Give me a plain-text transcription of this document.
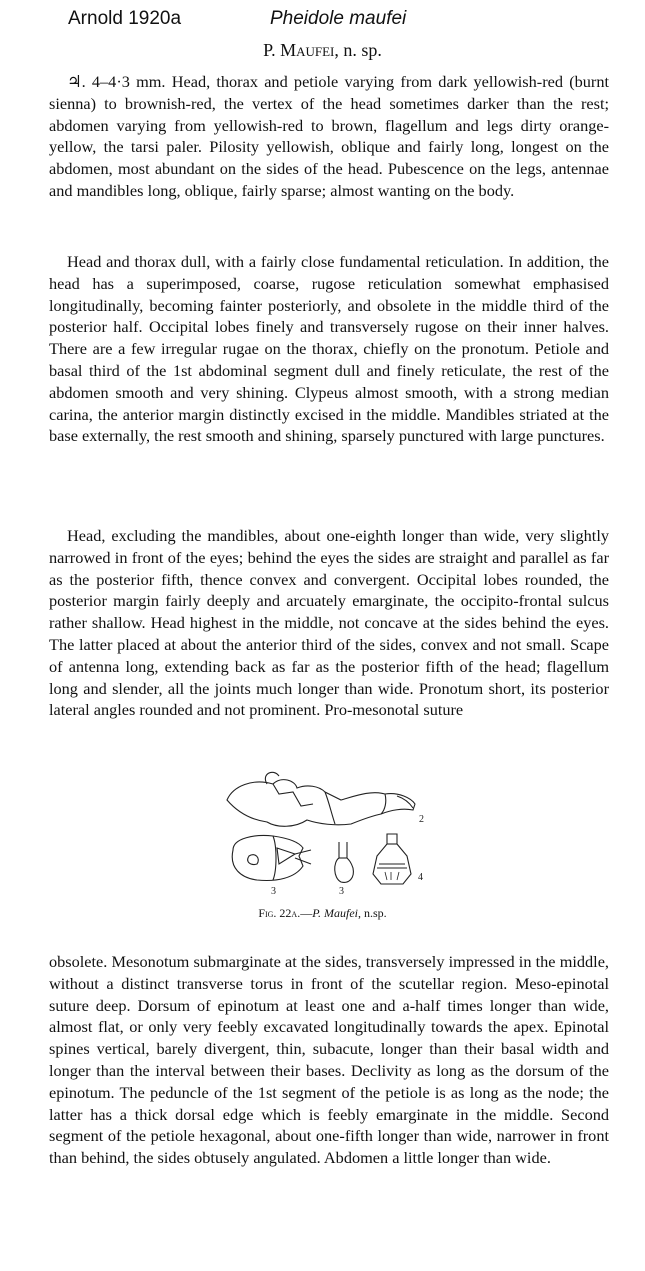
Arnold 1920a	Pheidole maufei
P. Maufei, n. sp.

♃. 4–4·3 mm. Head, thorax and petiole varying from dark yellowish-red (burnt sienna) to brownish-red, the vertex of the head sometimes darker than the rest; abdomen varying from yellowish-red to brown, flagellum and legs dirty orange-yellow, the tarsi paler. Pilosity yellowish, oblique and fairly long, longest on the abdomen, most abundant on the sides of the head. Pubescence on the legs, antennae and mandibles long, oblique, fairly sparse; almost wanting on the body.

Head and thorax dull, with a fairly close fundamental reticulation. In addition, the head has a superimposed, coarse, rugose reticulation somewhat emphasised longitudinally, becoming fainter posteriorly, and obsolete in the middle third of the posterior half. Occipital lobes finely and transversely rugose on their inner halves. There are a few irregular rugae on the thorax, chiefly on the pronotum. Petiole and basal third of the 1st abdominal segment dull and finely reticulate, the rest of the abdomen smooth and very shining. Clypeus almost smooth, with a strong median carina, the anterior margin distinctly excised in the middle. Mandibles striated at the base externally, the rest smooth and shining, sparsely punctured with large punctures.

Head, excluding the mandibles, about one-eighth longer than wide, very slightly narrowed in front of the eyes; behind the eyes the sides are straight and parallel as far as the posterior fifth, thence convex and convergent. Occipital lobes rounded, the posterior margin fairly deeply and arcuately emarginate, the occipito-frontal sulcus rather shallow. Head highest in the middle, not concave at the sides behind the eyes. The latter placed at about the anterior third of the sides, convex and not small. Scape of antenna long, extending back as far as the posterior fifth of the head; flagellum long and slender, all the joints much longer than wide. Pronotum short, its posterior lateral angles rounded and not prominent. Pro-mesonotal suture

2
3	3
4
Fig. 22a.—P. Maufei, n.sp.

obsolete. Mesonotum submarginate at the sides, transversely impressed in the middle, without a distinct transverse torus in front of the scutellar region. Meso-epinotal suture deep. Dorsum of epinotum at least one and a-half times longer than wide, almost flat, or only very feebly excavated longitudinally towards the apex. Epinotal spines vertical, barely divergent, thin, subacute, longer than their basal width and longer than the interval between their bases. Declivity as long as the dorsum of the epinotum. The peduncle of the 1st segment of the petiole is as long as the node; the latter has a thick dorsal edge which is feebly emarginate in the middle. Second segment of the petiole hexagonal, about one-fifth longer than wide, narrower in front than behind, the sides obtusely angulated. Abdomen a little longer than wide.
